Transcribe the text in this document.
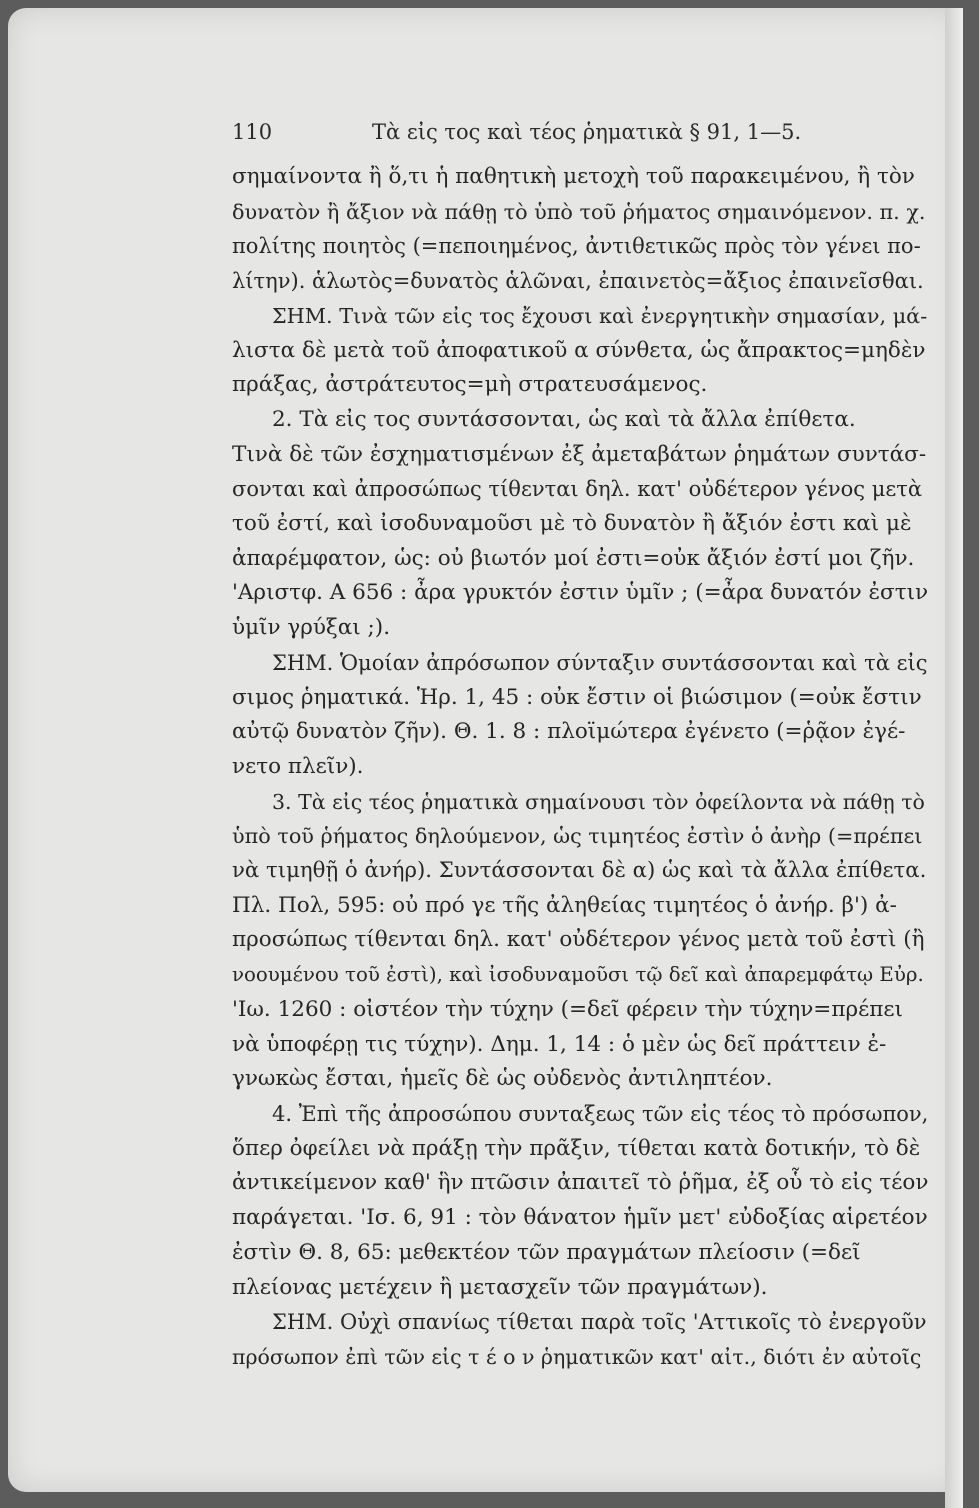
110	Τὰ εἰς τος καὶ τέος ῥηματικὰ § 91, 1—5.
σημαίνοντα ἢ ὅ,τι ἡ παθητικὴ μετοχὴ τοῦ παρακειμένου, ἢ τὸν
δυνατὸν ἢ ἄξιον νὰ πάθῃ τὸ ὑπὸ τοῦ ῥήματος σημαινόμενον. π. χ.
πολίτης ποιητὸς (=πεποιημένος, ἀντιθετικῶς πρὸς τὸν γένει πο-
λίτην). ἁλωτὸς=δυνατὸς ἁλῶναι, ἐπαινετὸς=ἄξιος ἐπαινεῖσθαι.
ΣΗΜ. Τινὰ τῶν εἰς τος ἔχουσι καὶ ἐνεργητικὴν σημασίαν, μά-
λιστα δὲ μετὰ τοῦ ἀποφατικοῦ α σύνθετα, ὡς ἄπρακτος=μηδὲν
πράξας, ἀστράτευτος=μὴ στρατευσάμενος.
2. Τὰ εἰς τος συντάσσονται, ὡς καὶ τὰ ἄλλα ἐπίθετα.
Τινὰ δὲ τῶν ἐσχηματισμένων ἐξ ἀμεταβάτων ῥημάτων συντάσ-
σονται καὶ ἀπροσώπως τίθενται δηλ. κατ' οὐδέτερον γένος μετὰ
τοῦ ἐστί, καὶ ἰσοδυναμοῦσι μὲ τὸ δυνατὸν ἢ ἄξιόν ἐστι καὶ μὲ
ἀπαρέμφατον, ὡς: οὐ βιωτόν μοί ἐστι=οὐκ ἄξιόν ἐστί μοι ζῆν.
'Αριστφ. Α 656 : ἆρα γρυκτόν ἐστιν ὑμῖν ; (=ἆρα δυνατόν ἐστιν
ὑμῖν γρύξαι ;).
ΣΗΜ. Ὁμοίαν ἀπρόσωπον σύνταξιν συντάσσονται καὶ τὰ εἰς
σιμος ῥηματικά. Ἡρ. 1, 45 : οὐκ ἔστιν οἱ βιώσιμον (=οὐκ ἔστιν
αὐτῷ δυνατὸν ζῆν). Θ. 1. 8 : πλοϊμώτερα ἐγένετο (=ῥᾷον ἐγέ-
νετο πλεῖν).
3. Τὰ εἰς τέος ῥηματικὰ σημαίνουσι τὸν ὀφείλοντα νὰ πάθῃ τὸ
ὑπὸ τοῦ ῥήματος δηλούμενον, ὡς τιμητέος ἐστὶν ὁ ἀνὴρ (=πρέπει
νὰ τιμηθῇ ὁ ἀνήρ). Συντάσσονται δὲ α) ὡς καὶ τὰ ἄλλα ἐπίθετα.
Πλ. Πολ, 595: οὐ πρό γε τῆς ἀληθείας τιμητέος ὁ ἀνήρ. β') ἀ-
προσώπως τίθενται δηλ. κατ' οὐδέτερον γένος μετὰ τοῦ ἐστὶ (ἢ
νοουμένου τοῦ ἐστὶ), καὶ ἰσοδυναμοῦσι τῷ δεῖ καὶ ἀπαρεμφάτῳ Εὐρ.
'Ιω. 1260 : οἰστέον τὴν τύχην (=δεῖ φέρειν τὴν τύχην=πρέπει
νὰ ὑποφέρῃ τις τύχην). Δημ. 1, 14 : ὁ μὲν ὡς δεῖ πράττειν ἐ-
γνωκὼς ἔσται, ἡμεῖς δὲ ὡς οὐδενὸς ἀντιληπτέον.
4. Ἐπὶ τῆς ἀπροσώπου συνταξεως τῶν εἰς τέος τὸ πρόσωπον,
ὅπερ ὀφείλει νὰ πράξῃ τὴν πρᾶξιν, τίθεται κατὰ δοτικήν, τὸ δὲ
ἀντικείμενον καθ' ἣν πτῶσιν ἀπαιτεῖ τὸ ῥῆμα, ἐξ οὗ τὸ εἰς τέον
παράγεται. 'Ισ. 6, 91 : τὸν θάνατον ἡμῖν μετ' εὐδοξίας αἱρετέον
ἐστὶν Θ. 8, 65: μεθεκτέον τῶν πραγμάτων πλείοσιν (=δεῖ
πλείονας μετέχειν ἢ μετασχεῖν τῶν πραγμάτων).
ΣΗΜ. Οὐχὶ σπανίως τίθεται παρὰ τοῖς 'Αττικοῖς τὸ ἐνεργοῦν
πρόσωπον ἐπὶ τῶν εἰς τ έ ο ν ῥηματικῶν κατ' αἰτ., διότι ἐν αὐτοῖς
